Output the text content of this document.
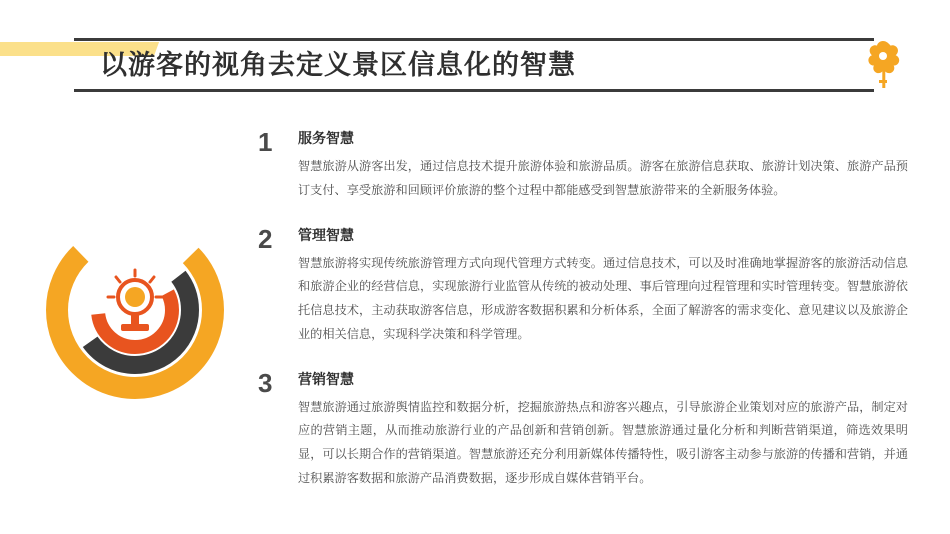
以游客的视角去定义景区信息化的智慧
1	服务智慧
智慧旅游从游客出发，通过信息技术提升旅游体验和旅游品质。游客在旅游信息获取、旅游计划决策、旅游产品预订支付、享受旅游和回顾评价旅游的整个过程中都能感受到智慧旅游带来的全新服务体验。
2	管理智慧
智慧旅游将实现传统旅游管理方式向现代管理方式转变。通过信息技术，可以及时准确地掌握游客的旅游活动信息和旅游企业的经营信息，实现旅游行业监管从传统的被动处理、事后管理向过程管理和实时管理转变。智慧旅游依托信息技术，主动获取游客信息，形成游客数据积累和分析体系，全面了解游客的需求变化、意见建议以及旅游企业的相关信息，实现科学决策和科学管理。
3	营销智慧
智慧旅游通过旅游舆情监控和数据分析，挖掘旅游热点和游客兴趣点，引导旅游企业策划对应的旅游产品，制定对应的营销主题，从而推动旅游行业的产品创新和营销创新。智慧旅游通过量化分析和判断营销渠道，筛选效果明显，可以长期合作的营销渠道。智慧旅游还充分利用新媒体传播特性，吸引游客主动参与旅游的传播和营销，并通过积累游客数据和旅游产品消费数据，逐步形成自媒体营销平台。
